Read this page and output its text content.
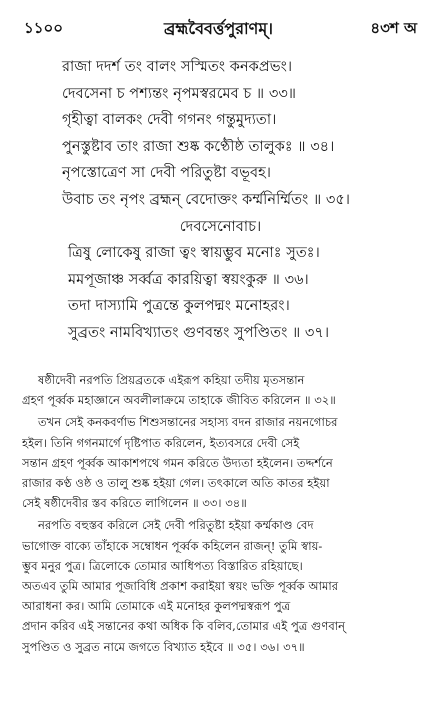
১১০০	ব্রহ্মবৈবর্ত্তপুরাণম্।	৪৩শ অ
রাজা দদর্শ তং বালং সস্মিতং কনকপ্রভং।
দেবসেনা চ পশ্যন্তং নৃপমস্বরমেব চ ॥ ৩৩॥
গৃহীত্বা বালকং দেবী গগনং গন্তুমুদ্যতা।
পুনস্তুষ্টাব তাং রাজা শুষ্ক কণ্ঠৌষ্ঠ তালুকঃ ॥ ৩৪।
নৃপস্তোত্রেণ সা দেবী পরিতুষ্টা বভূবহ।
উবাচ তং নৃপং ব্রহ্মন্ বেদোক্তং কর্ম্মনির্ম্মিতং ॥ ৩৫।
দেবসেনোবাচ।
ত্রিষু লোকেষু রাজা ত্বং স্বায়ম্ভুব মনোঃ সুতঃ।
মমপূজাঞ্চ সর্ব্বত্র কারয়িত্বা স্বয়ংকুরু ॥ ৩৬।
তদা দাস্যামি পুত্রন্তে কুলপদ্মং মনোহরং।
সুব্রতং নামবিখ্যাতং গুণবন্তং সুপণ্ডিতং ॥ ৩৭।
ষষ্ঠীদেবী নরপতি প্রিয়ব্রতকে এইরূপ কহিয়া তদীয় মৃতসন্তান
গ্রহণ পূর্ব্বক মহাজ্ঞানে অবলীলাক্রমে তাহাকে জীবিত করিলেন ॥ ৩২॥
তখন সেই কনকবর্ণাভ শিশুসন্তানের সহাস্য বদন রাজার নয়নগোচর
হইল। তিনি গগনমার্গে দৃষ্টিপাত করিলেন, ইত্যবসরে দেবী সেই
সন্তান গ্রহণ পূর্ব্বক আকাশপথে গমন করিতে উদ্যতা হইলেন। তদ্দর্শনে
রাজার কণ্ঠ ওষ্ঠ ও তালু শুষ্ক হইয়া গেল। তৎকালে অতি কাতর হইয়া
সেই ষষ্ঠীদেবীর স্তব করিতে লাগিলেন ॥ ৩৩। ৩৪॥
নরপতি বহুস্তব করিলে সেই দেবী পরিতুষ্টা হইয়া কর্ম্মকাণ্ড বেদ
ভাগোক্ত বাক্যে তাঁহাকে সম্বোধন পূর্ব্বক কহিলেন রাজন্! তুমি স্বায়-
ম্ভুব মনুর পুত্র। ত্রিলোকে তোমার আধিপত্য বিস্তারিত রহিয়াছে।
অতএব তুমি আমার পূজাবিধি প্রকাশ করাইয়া স্বয়ং ভক্তি পূর্ব্বক আমার
আরাধনা কর। আমি তোমাকে এই মনোহর কুলপদ্মস্বরূপ পুত্র
প্রদান করিব এই সন্তানের কথা অধিক কি বলিব,তোমার এই পুত্র গুণবান্‌
সুপণ্ডিত ও সুব্রত নামে জগতে বিখ্যাত হইবে ॥ ৩৫। ৩৬। ৩৭॥
